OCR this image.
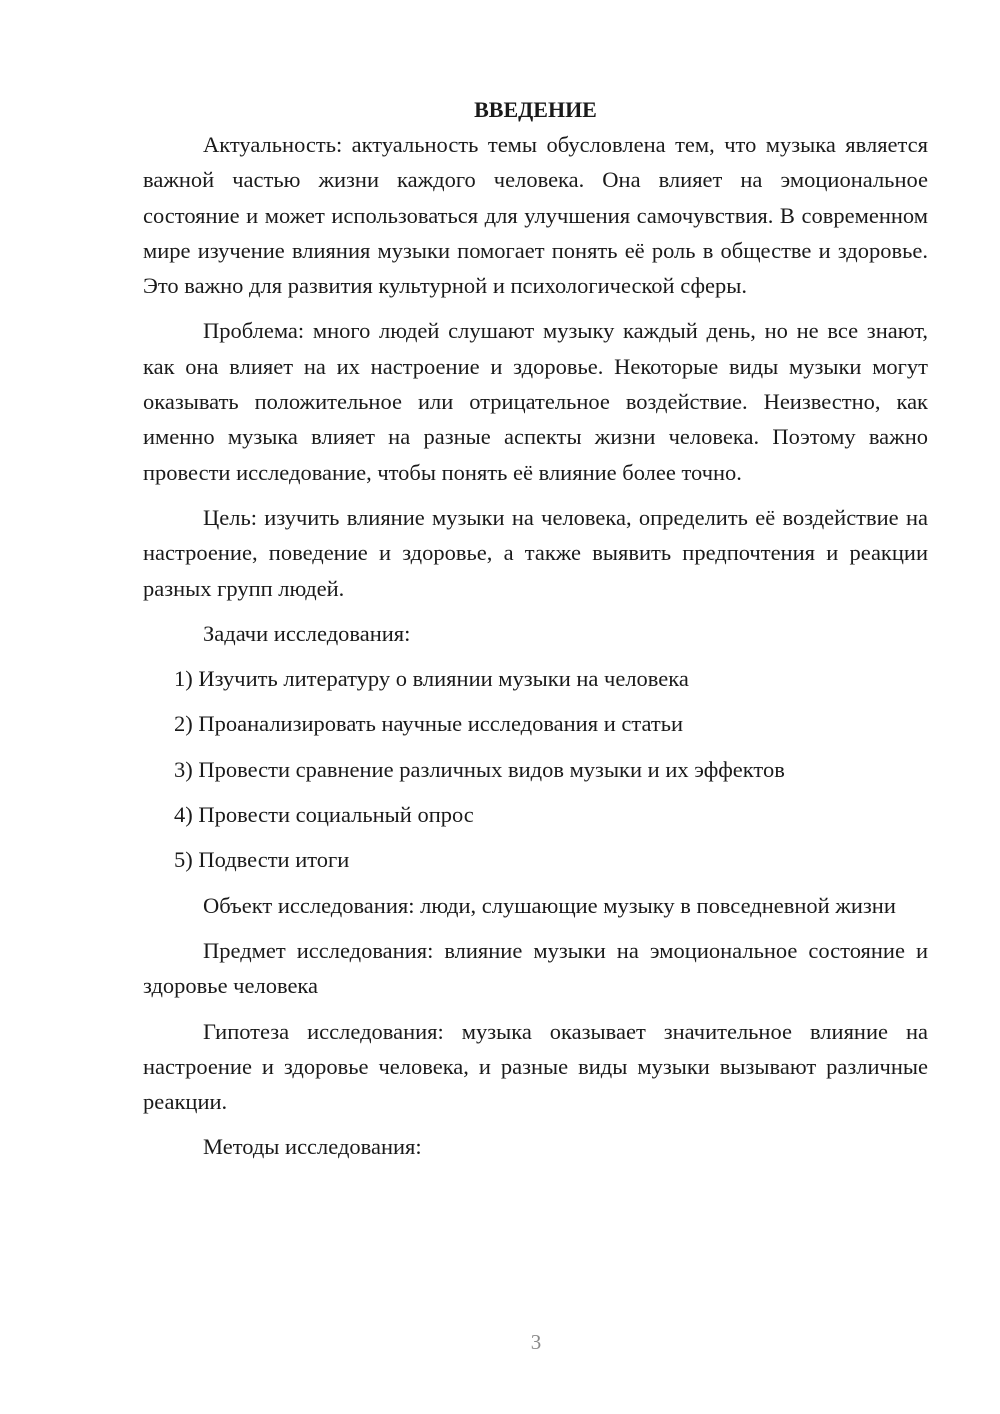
ВВЕДЕНИЕ

Актуальность: актуальность темы обусловлена тем, что музыка является важной частью жизни каждого человека. Она влияет на эмоциональное состояние и может использоваться для улучшения самочувствия. В современном мире изучение влияния музыки помогает понять её роль в обществе и здоровье. Это важно для развития культурной и психологической сферы.

Проблема: много людей слушают музыку каждый день, но не все знают, как она влияет на их настроение и здоровье. Некоторые виды музыки могут оказывать положительное или отрицательное воздействие. Неизвестно, как именно музыка влияет на разные аспекты жизни человека. Поэтому важно провести исследование, чтобы понять её влияние более точно.

Цель: изучить влияние музыки на человека, определить её воздействие на настроение, поведение и здоровье, а также выявить предпочтения и реакции разных групп людей.

Задачи исследования:

1) Изучить литературу о влиянии музыки на человека
2) Проанализировать научные исследования и статьи
3) Провести сравнение различных видов музыки и их эффектов
4) Провести социальный опрос
5) Подвести итоги

Объект исследования: люди, слушающие музыку в повседневной жизни

Предмет исследования: влияние музыки на эмоциональное состояние и здоровье человека

Гипотеза исследования: музыка оказывает значительное влияние на настроение и здоровье человека, и разные виды музыки вызывают различные реакции.

Методы исследования:

3
